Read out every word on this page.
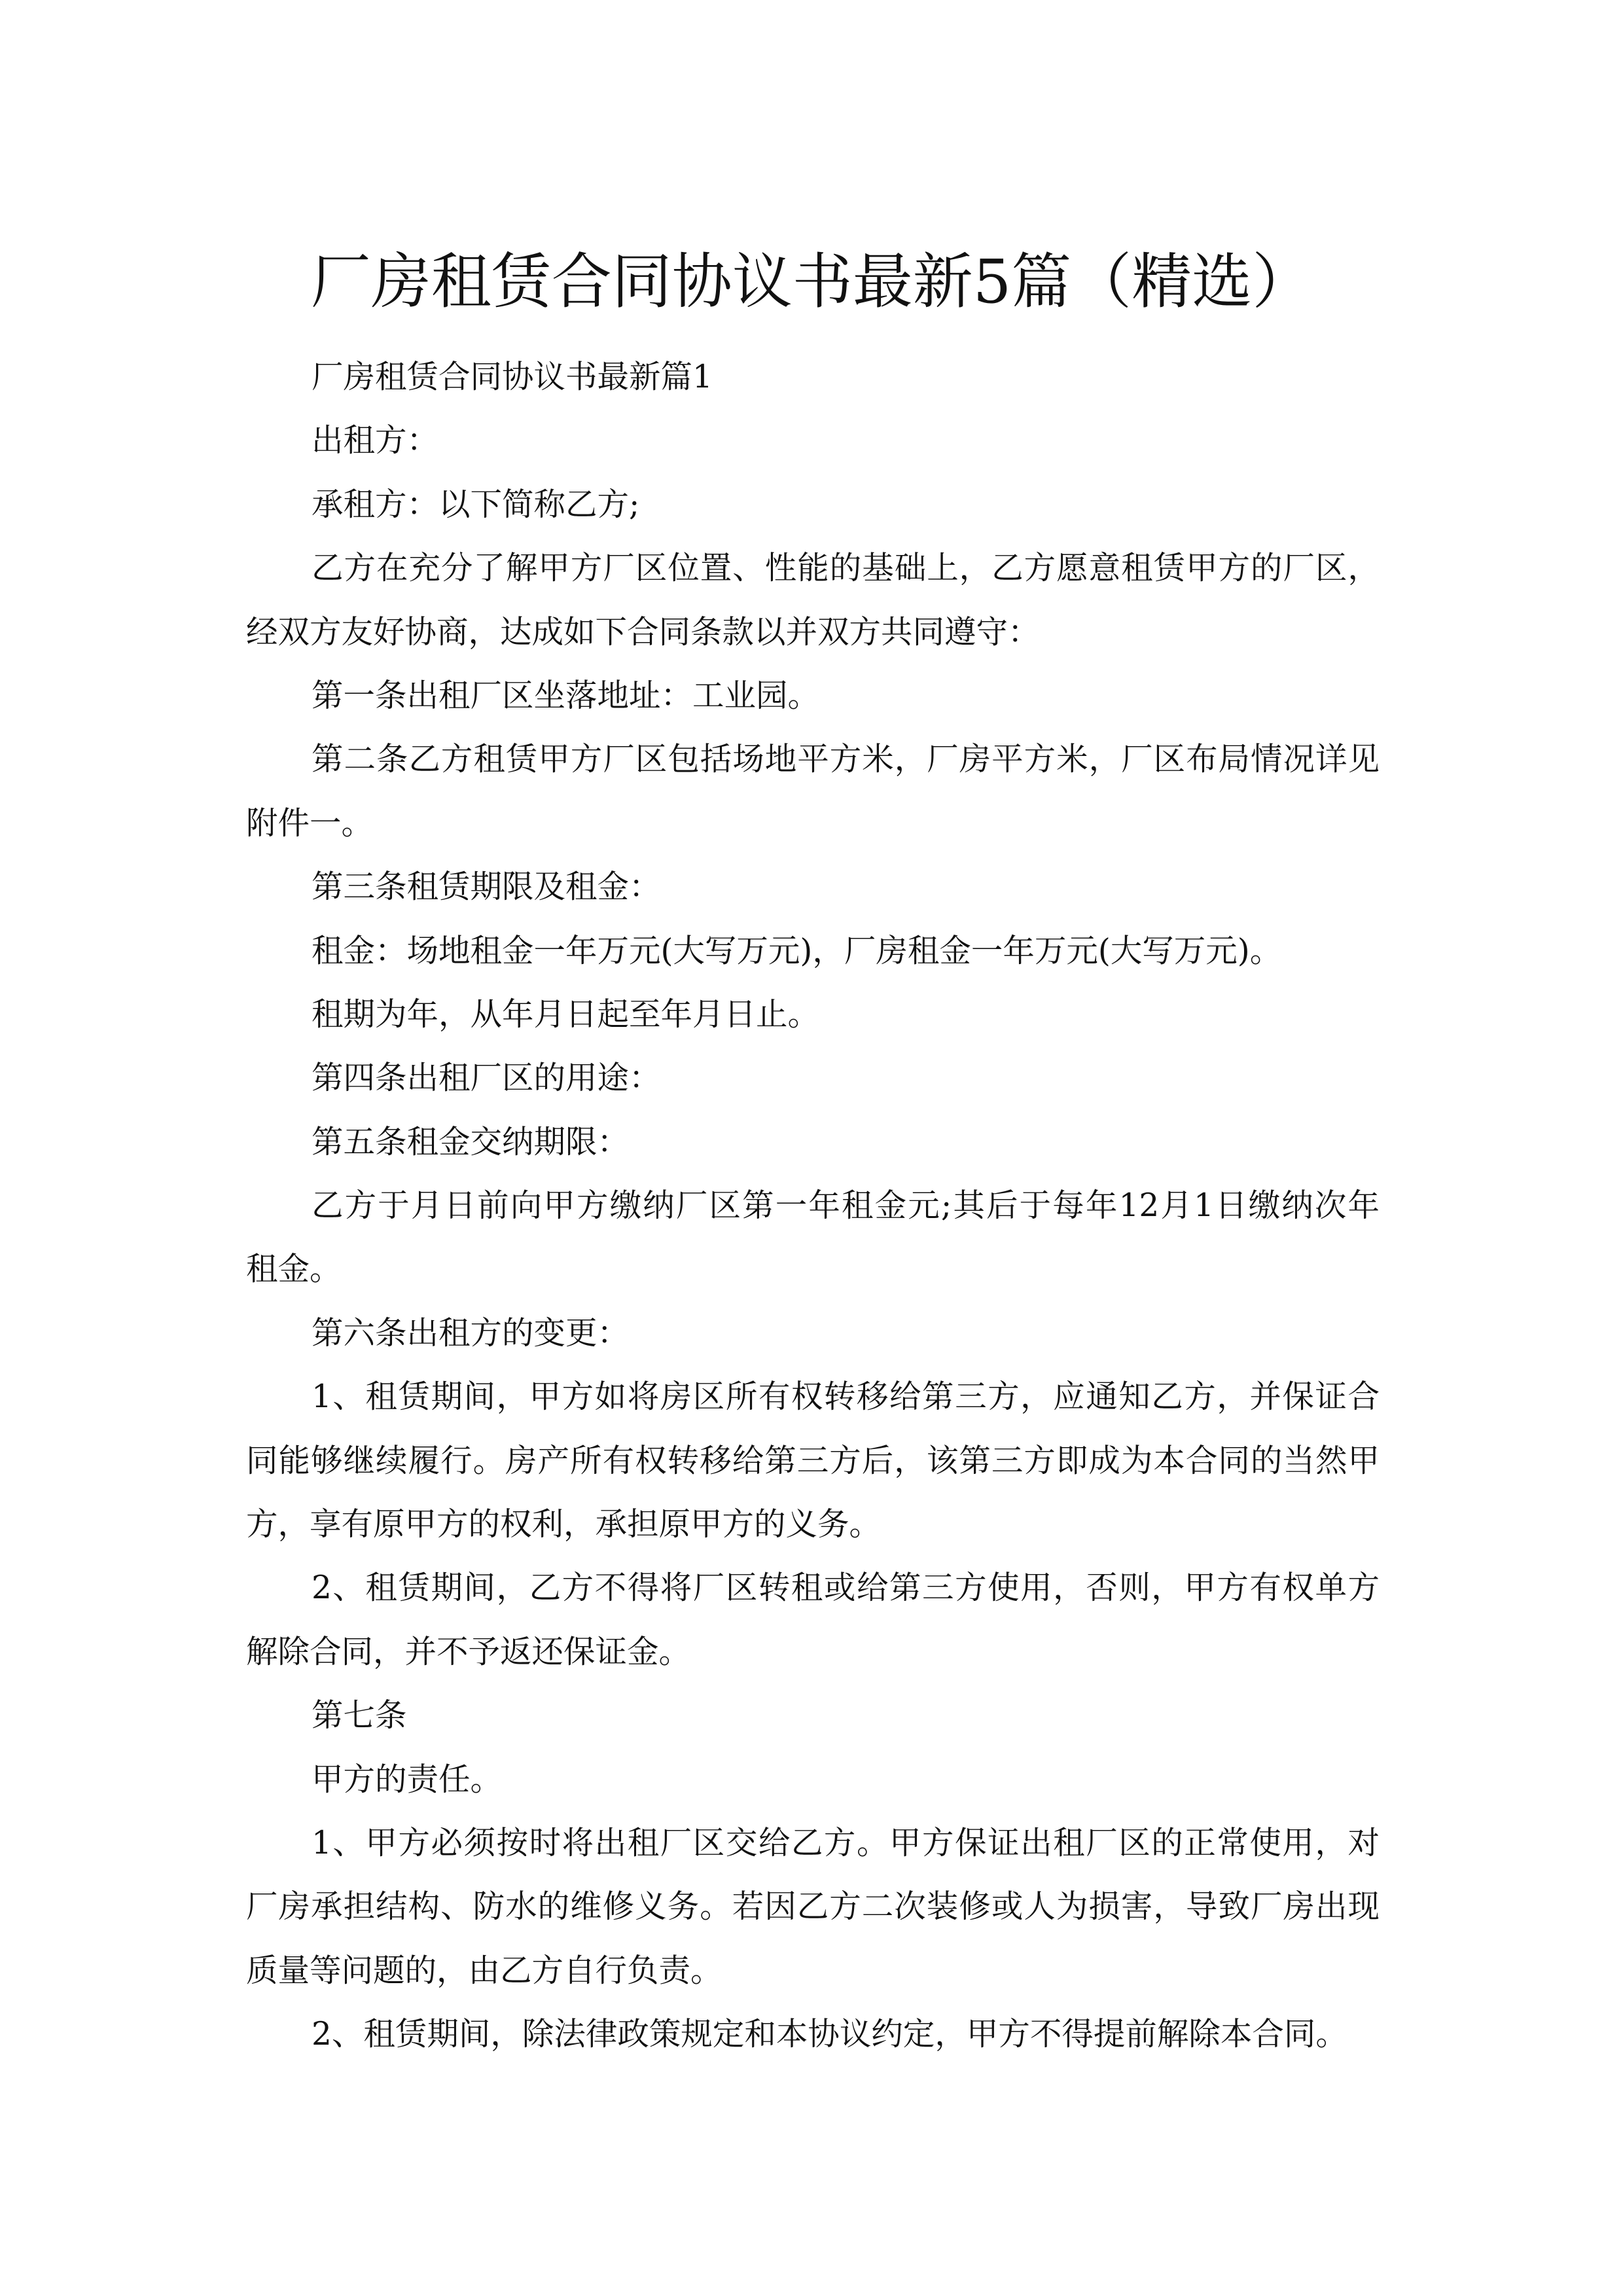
厂房租赁合同协议书最新5篇（精选）
厂房租赁合同协议书最新篇1
出租方：
承租方：以下简称乙方;
乙方在充分了解甲方厂区位置、性能的基础上，乙方愿意租赁甲方的厂区，
经双方友好协商，达成如下合同条款以并双方共同遵守：
第一条出租厂区坐落地址：工业园。
第二条乙方租赁甲方厂区包括场地平方米，厂房平方米，厂区布局情况详见
附件一。
第三条租赁期限及租金：
租金：场地租金一年万元(大写万元)，厂房租金一年万元(大写万元)。
租期为年，从年月日起至年月日止。
第四条出租厂区的用途：
第五条租金交纳期限：
乙方于月日前向甲方缴纳厂区第一年租金元;其后于每年12月1日缴纳次年
租金。
第六条出租方的变更：
1、租赁期间，甲方如将房区所有权转移给第三方，应通知乙方，并保证合
同能够继续履行。房产所有权转移给第三方后，该第三方即成为本合同的当然甲
方，享有原甲方的权利，承担原甲方的义务。
2、租赁期间，乙方不得将厂区转租或给第三方使用，否则，甲方有权单方
解除合同，并不予返还保证金。
第七条
甲方的责任。
1、甲方必须按时将出租厂区交给乙方。甲方保证出租厂区的正常使用，对
厂房承担结构、防水的维修义务。若因乙方二次装修或人为损害，导致厂房出现
质量等问题的，由乙方自行负责。
2、租赁期间，除法律政策规定和本协议约定，甲方不得提前解除本合同。
